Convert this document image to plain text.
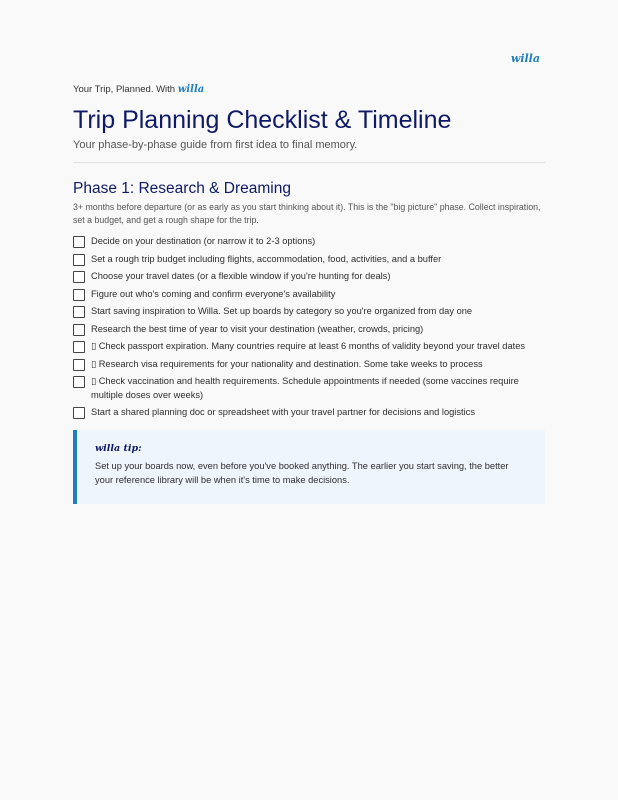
willa
Your Trip, Planned. With willa
Trip Planning Checklist & Timeline
Your phase-by-phase guide from first idea to final memory.
Phase 1: Research & Dreaming
3+ months before departure (or as early as you start thinking about it). This is the "big picture" phase. Collect inspiration, set a budget, and get a rough shape for the trip.
Decide on your destination (or narrow it to 2-3 options)
Set a rough trip budget including flights, accommodation, food, activities, and a buffer
Choose your travel dates (or a flexible window if you're hunting for deals)
Figure out who's coming and confirm everyone's availability
Start saving inspiration to Willa. Set up boards by category so you're organized from day one
Research the best time of year to visit your destination (weather, crowds, pricing)
▯ Check passport expiration. Many countries require at least 6 months of validity beyond your travel dates
▯ Research visa requirements for your nationality and destination. Some take weeks to process
▯ Check vaccination and health requirements. Schedule appointments if needed (some vaccines require multiple doses over weeks)
Start a shared planning doc or spreadsheet with your travel partner for decisions and logistics
willa tip:
Set up your boards now, even before you've booked anything. The earlier you start saving, the better your reference library will be when it's time to make decisions.
